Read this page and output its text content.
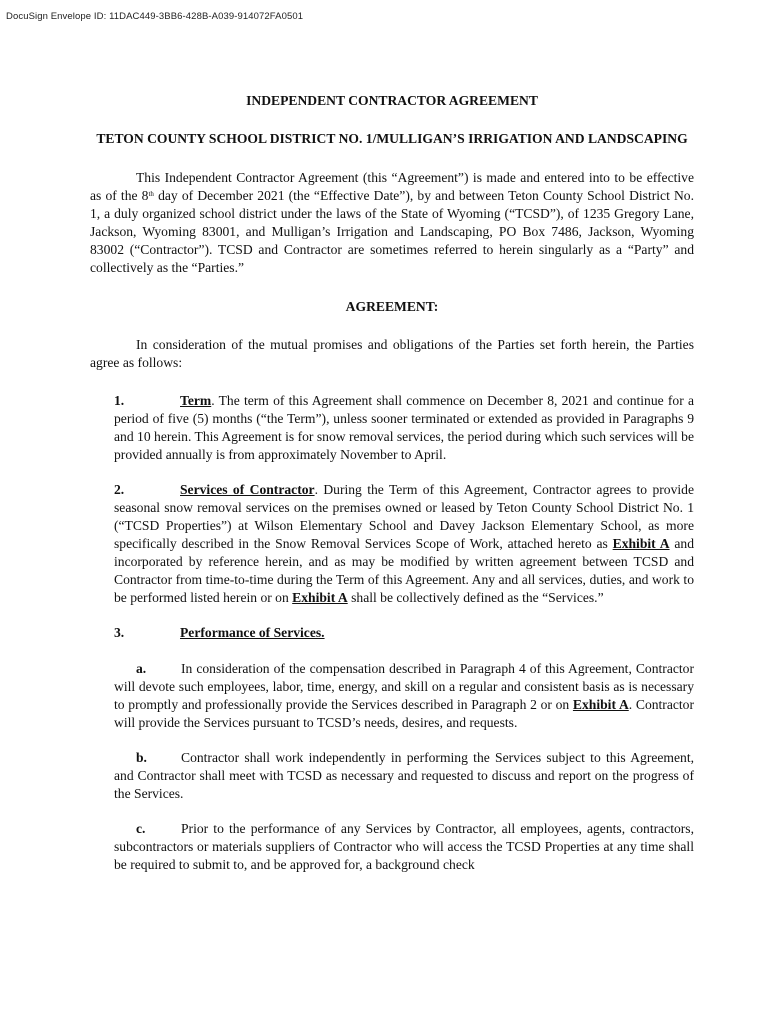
DocuSign Envelope ID: 11DAC449-3BB6-428B-A039-914072FA0501

INDEPENDENT CONTRACTOR AGREEMENT

TETON COUNTY SCHOOL DISTRICT NO. 1/MULLIGAN’S IRRIGATION AND LANDSCAPING

This Independent Contractor Agreement (this “Agreement”) is made and entered into to be effective as of the 8th day of December 2021 (the “Effective Date”), by and between Teton County School District No. 1, a duly organized school district under the laws of the State of Wyoming (“TCSD”), of 1235 Gregory Lane, Jackson, Wyoming 83001, and Mulligan’s Irrigation and Landscaping, PO Box 7486, Jackson, Wyoming 83002 (“Contractor”). TCSD and Contractor are sometimes referred to herein singularly as a “Party” and collectively as the “Parties.”

AGREEMENT:

In consideration of the mutual promises and obligations of the Parties set forth herein, the Parties agree as follows:

1.	Term. The term of this Agreement shall commence on December 8, 2021 and continue for a period of five (5) months (“the Term”), unless sooner terminated or extended as provided in Paragraphs 9 and 10 herein. This Agreement is for snow removal services, the period during which such services will be provided annually is from approximately November to April.

2.	Services of Contractor. During the Term of this Agreement, Contractor agrees to provide seasonal snow removal services on the premises owned or leased by Teton County School District No. 1 (“TCSD Properties”) at Wilson Elementary School and Davey Jackson Elementary School, as more specifically described in the Snow Removal Services Scope of Work, attached hereto as Exhibit A and incorporated by reference herein, and as may be modified by written agreement between TCSD and Contractor from time-to-time during the Term of this Agreement. Any and all services, duties, and work to be performed listed herein or on Exhibit A shall be collectively defined as the “Services.”

3.	Performance of Services.

a.	In consideration of the compensation described in Paragraph 4 of this Agreement, Contractor will devote such employees, labor, time, energy, and skill on a regular and consistent basis as is necessary to promptly and professionally provide the Services described in Paragraph 2 or on Exhibit A. Contractor will provide the Services pursuant to TCSD’s needs, desires, and requests.

b.	Contractor shall work independently in performing the Services subject to this Agreement, and Contractor shall meet with TCSD as necessary and requested to discuss and report on the progress of the Services.

c.	Prior to the performance of any Services by Contractor, all employees, agents, contractors, subcontractors or materials suppliers of Contractor who will access the TCSD Properties at any time shall be required to submit to, and be approved for, a background check
